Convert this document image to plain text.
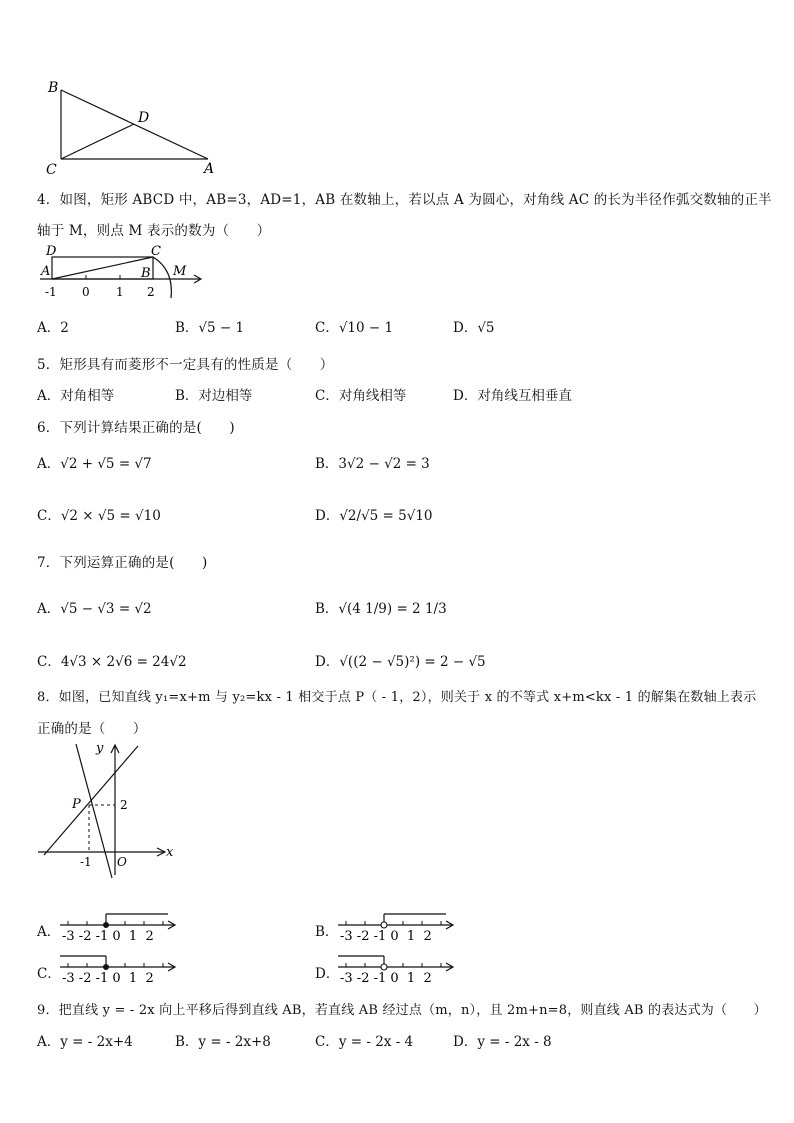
B
D
C	A
4．如图，矩形 ABCD 中，AB=3，AD=1，AB 在数轴上，若以点 A 为圆心，对角线 AC 的长为半径作弧交数轴的正半
轴于 M，则点 M 表示的数为（　　）
D	C
A	B M
-1 0 1 2
A．2	B．√5 − 1	C．√10 − 1	D．√5
5．矩形具有而菱形不一定具有的性质是（　　）
A．对角相等	B．对边相等	C．对角线相等	D．对角线互相垂直
6．下列计算结果正确的是(　　)
A．√2 + √5 = √7	B．3√2 − √2 = 3
C．√2 × √5 = √10	D．√2/√5 = 5√10
7．下列运算正确的是(　　)
A．√5 − √3 = √2	B．√(4 1/9) = 2 1/3
C．4√3 × 2√6 = 24√2	D．√((2 − √5)²) = 2 − √5
8．如图，已知直线 y₁=x+m 与 y₂=kx - 1 相交于点 P（ - 1，2），则关于 x 的不等式 x+m<kx - 1 的解集在数轴上表示
正确的是（　　）
y
x
P	2
-1 O
A． -3 -2 -1 0  1  2	B． -3 -2 -1 0  1  2
C． -3 -2 -1 0  1  2	D． -3 -2 -1 0  1  2
9．把直线 y = - 2x 向上平移后得到直线 AB，若直线 AB 经过点（m，n），且 2m+n=8，则直线 AB 的表达式为（　　）
A．y = - 2x+4	B．y = - 2x+8	C．y = - 2x - 4	D．y = - 2x - 8
